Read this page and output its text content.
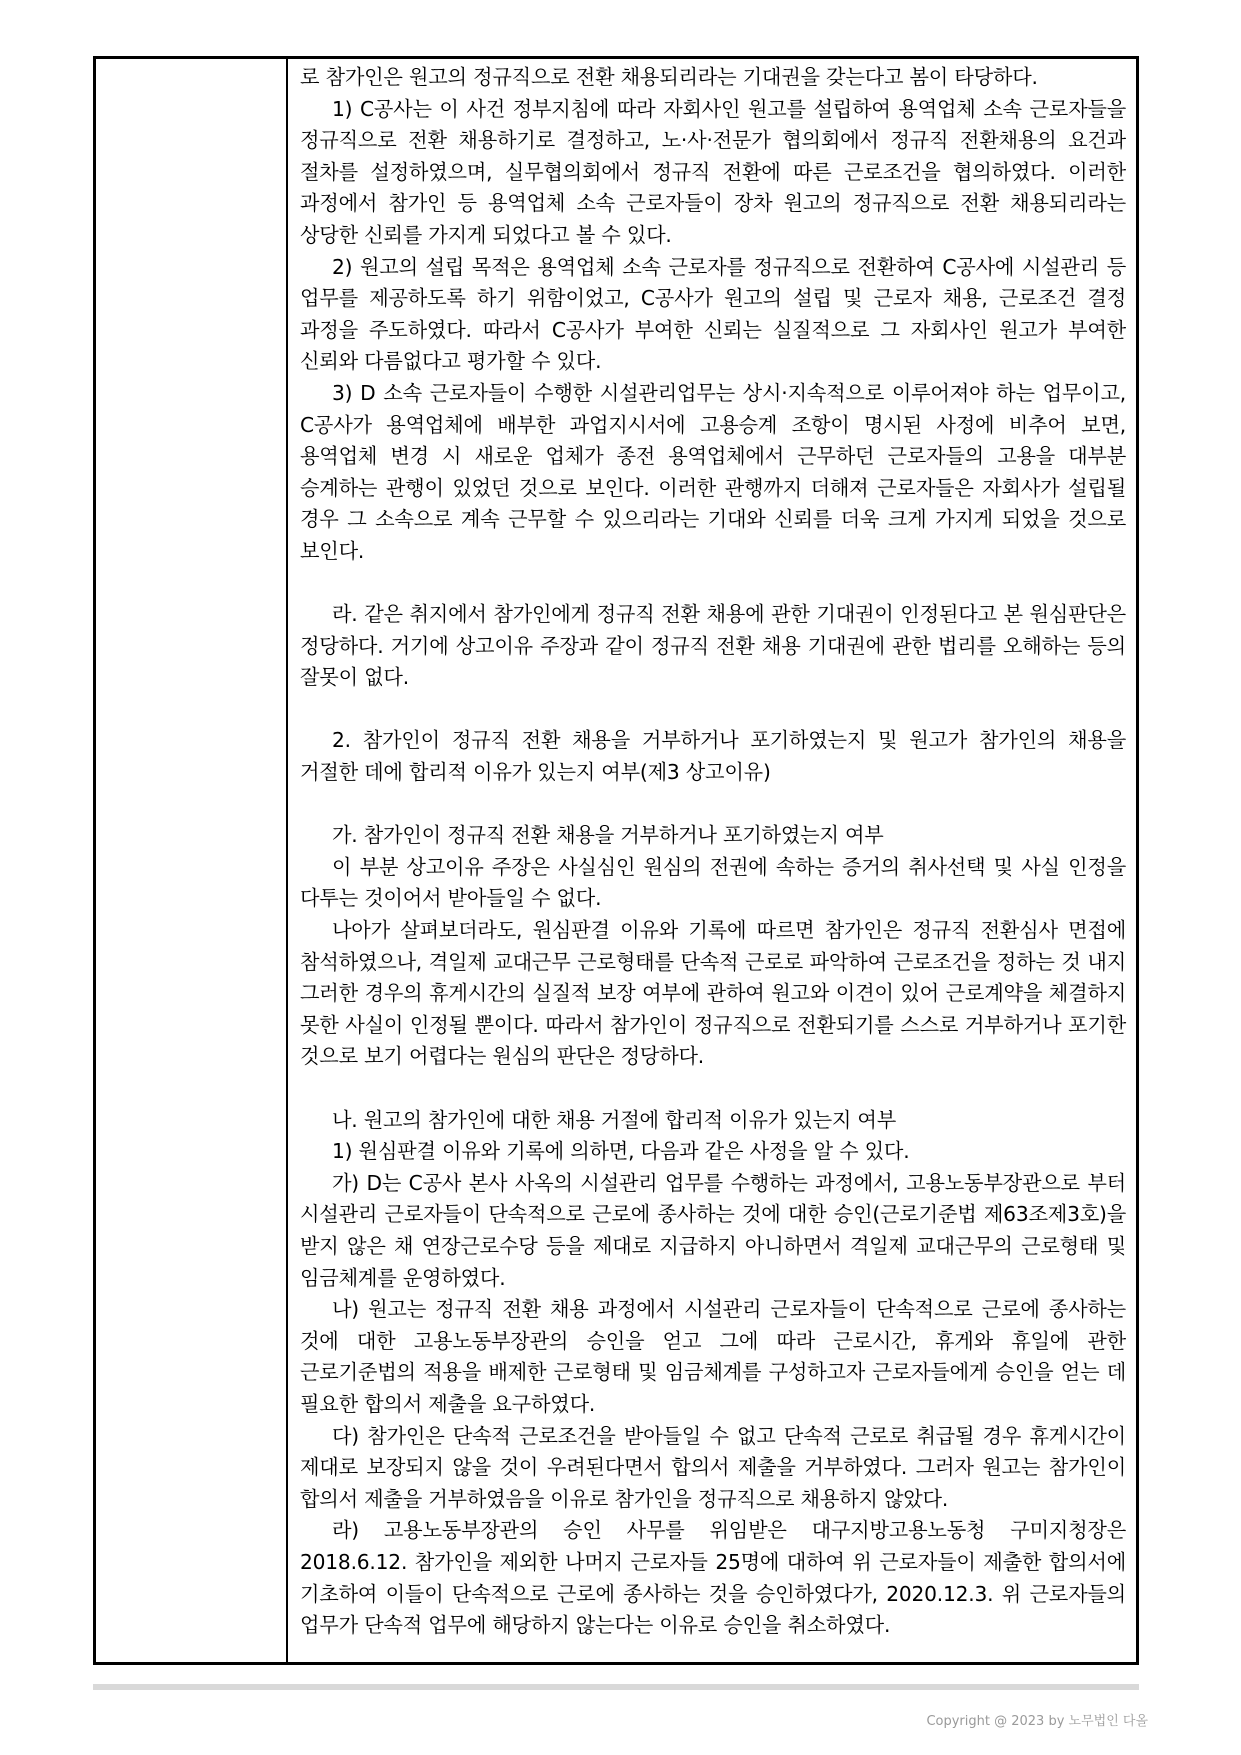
로 참가인은 원고의 정규직으로 전환 채용되리라는 기대권을 갖는다고 봄이 타당하다.

1) C공사는 이 사건 정부지침에 따라 자회사인 원고를 설립하여 용역업체 소속 근로자들을 정규직으로 전환 채용하기로 결정하고, 노·사·전문가 협의회에서 정규직 전환채용의 요건과 절차를 설정하였으며, 실무협의회에서 정규직 전환에 따른 근로조건을 협의하였다. 이러한 과정에서 참가인 등 용역업체 소속 근로자들이 장차 원고의 정규직으로 전환 채용되리라는 상당한 신뢰를 가지게 되었다고 볼 수 있다.

2) 원고의 설립 목적은 용역업체 소속 근로자를 정규직으로 전환하여 C공사에 시설관리 등 업무를 제공하도록 하기 위함이었고, C공사가 원고의 설립 및 근로자 채용, 근로조건 결정 과정을 주도하였다. 따라서 C공사가 부여한 신뢰는 실질적으로 그 자회사인 원고가 부여한 신뢰와 다름없다고 평가할 수 있다.

3) D 소속 근로자들이 수행한 시설관리업무는 상시·지속적으로 이루어져야 하는 업무이고, C공사가 용역업체에 배부한 과업지시서에 고용승계 조항이 명시된 사정에 비추어 보면, 용역업체 변경 시 새로운 업체가 종전 용역업체에서 근무하던 근로자들의 고용을 대부분 승계하는 관행이 있었던 것으로 보인다. 이러한 관행까지 더해져 근로자들은 자회사가 설립될 경우 그 소속으로 계속 근무할 수 있으리라는 기대와 신뢰를 더욱 크게 가지게 되었을 것으로 보인다.

라. 같은 취지에서 참가인에게 정규직 전환 채용에 관한 기대권이 인정된다고 본 원심판단은 정당하다. 거기에 상고이유 주장과 같이 정규직 전환 채용 기대권에 관한 법리를 오해하는 등의 잘못이 없다.

2. 참가인이 정규직 전환 채용을 거부하거나 포기하였는지 및 원고가 참가인의 채용을 거절한 데에 합리적 이유가 있는지 여부(제3 상고이유)

가. 참가인이 정규직 전환 채용을 거부하거나 포기하였는지 여부

이 부분 상고이유 주장은 사실심인 원심의 전권에 속하는 증거의 취사선택 및 사실 인정을 다투는 것이어서 받아들일 수 없다.

나아가 살펴보더라도, 원심판결 이유와 기록에 따르면 참가인은 정규직 전환심사 면접에 참석하였으나, 격일제 교대근무 근로형태를 단속적 근로로 파악하여 근로조건을 정하는 것 내지 그러한 경우의 휴게시간의 실질적 보장 여부에 관하여 원고와 이견이 있어 근로계약을 체결하지 못한 사실이 인정될 뿐이다. 따라서 참가인이 정규직으로 전환되기를 스스로 거부하거나 포기한 것으로 보기 어렵다는 원심의 판단은 정당하다.

나. 원고의 참가인에 대한 채용 거절에 합리적 이유가 있는지 여부

1) 원심판결 이유와 기록에 의하면, 다음과 같은 사정을 알 수 있다.

가) D는 C공사 본사 사옥의 시설관리 업무를 수행하는 과정에서, 고용노동부장관으로 부터 시설관리 근로자들이 단속적으로 근로에 종사하는 것에 대한 승인(근로기준법 제63조제3호)을 받지 않은 채 연장근로수당 등을 제대로 지급하지 아니하면서 격일제 교대근무의 근로형태 및 임금체계를 운영하였다.

나) 원고는 정규직 전환 채용 과정에서 시설관리 근로자들이 단속적으로 근로에 종사하는 것에 대한 고용노동부장관의 승인을 얻고 그에 따라 근로시간, 휴게와 휴일에 관한 근로기준법의 적용을 배제한 근로형태 및 임금체계를 구성하고자 근로자들에게 승인을 얻는 데 필요한 합의서 제출을 요구하였다.

다) 참가인은 단속적 근로조건을 받아들일 수 없고 단속적 근로로 취급될 경우 휴게시간이 제대로 보장되지 않을 것이 우려된다면서 합의서 제출을 거부하였다. 그러자 원고는 참가인이 합의서 제출을 거부하였음을 이유로 참가인을 정규직으로 채용하지 않았다.

라) 고용노동부장관의 승인 사무를 위임받은 대구지방고용노동청 구미지청장은 2018.6.12. 참가인을 제외한 나머지 근로자들 25명에 대하여 위 근로자들이 제출한 합의서에 기초하여 이들이 단속적으로 근로에 종사하는 것을 승인하였다가, 2020.12.3. 위 근로자들의 업무가 단속적 업무에 해당하지 않는다는 이유로 승인을 취소하였다.

Copyright @ 2023 by 노무법인 다올
